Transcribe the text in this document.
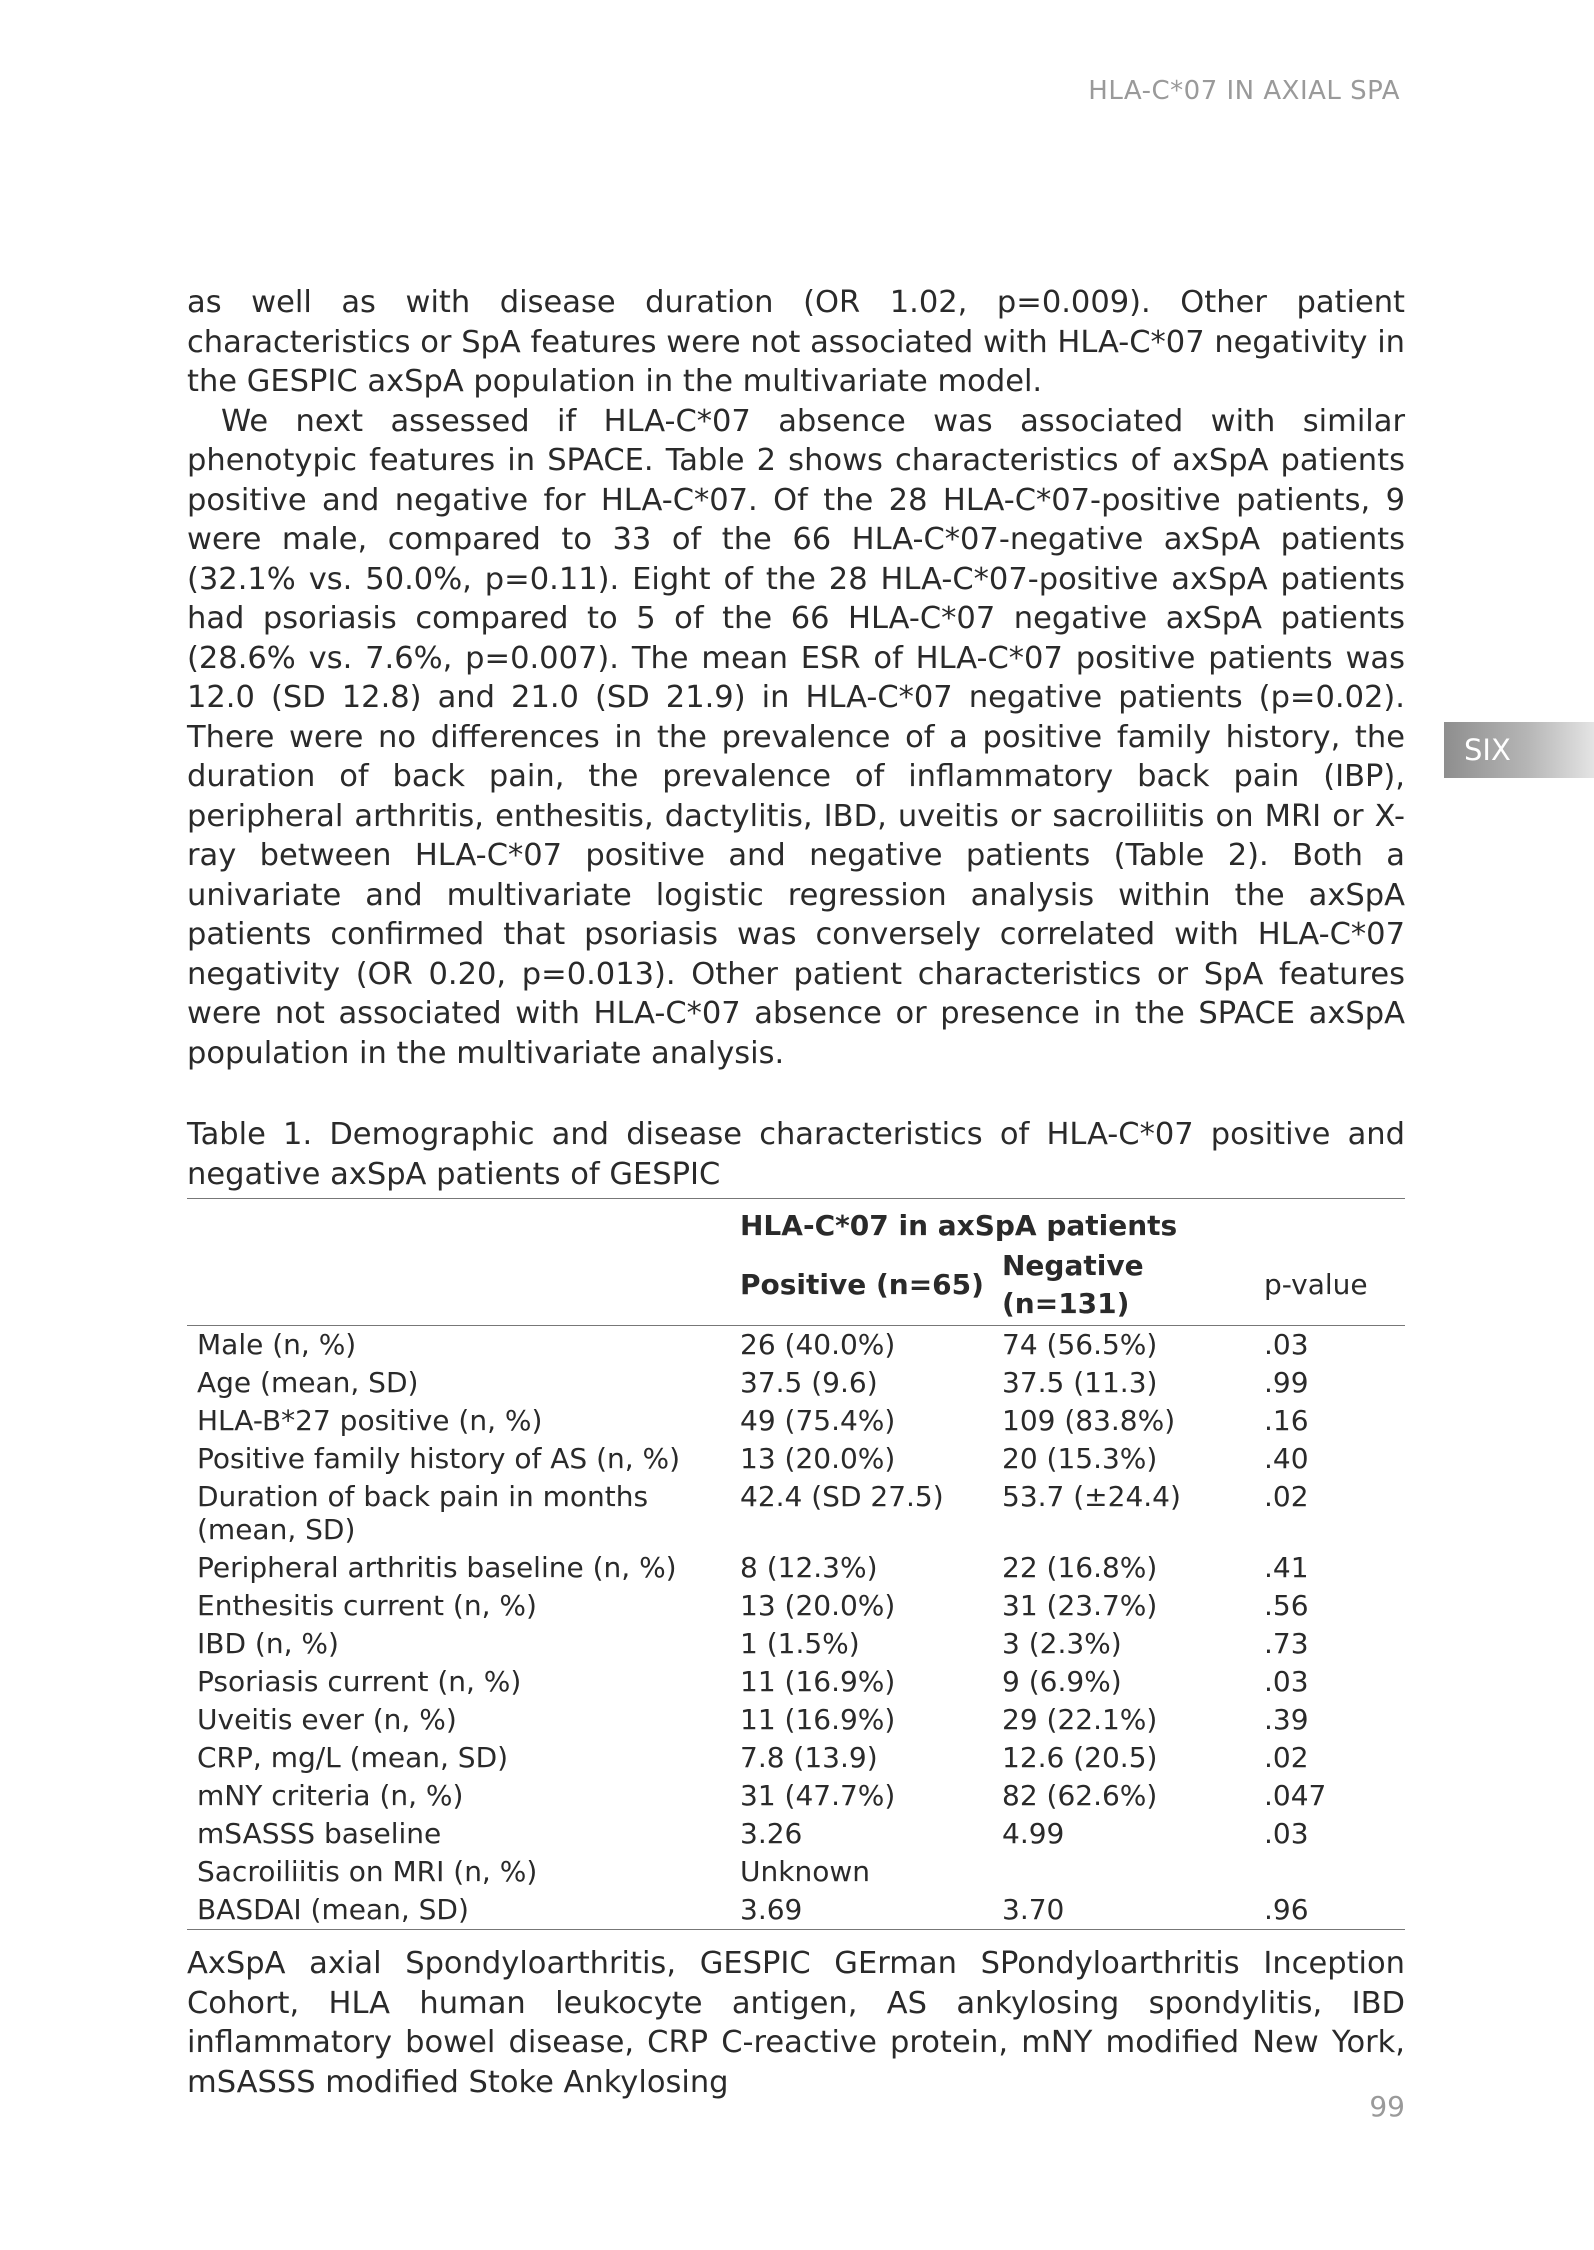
HLA-C*07 IN AXIAL SPA
SIX

as well as with disease duration (OR 1.02, p=0.009). Other patient characteristics or SpA features were not associated with HLA-C*07 negativity in the GESPIC axSpA population in the multivariate model.

We next assessed if HLA-C*07 absence was associated with similar phenotypic features in SPACE. Table 2 shows characteristics of axSpA patients positive and negative for HLA-C*07. Of the 28 HLA-C*07-positive patients, 9 were male, compared to 33 of the 66 HLA-C*07-negative axSpA patients (32.1% vs. 50.0%, p=0.11). Eight of the 28 HLA-C*07-positive axSpA patients had psoriasis compared to 5 of the 66 HLA-C*07 negative axSpA patients (28.6% vs. 7.6%, p=0.007). The mean ESR of HLA-C*07 positive patients was 12.0 (SD 12.8) and 21.0 (SD 21.9) in HLA-C*07 negative patients (p=0.02). There were no differences in the prevalence of a positive family history, the duration of back pain, the prevalence of inflammatory back pain (IBP), peripheral arthritis, enthesitis, dactylitis, IBD, uveitis or sacroiliitis on MRI or X-ray between HLA-C*07 positive and negative patients (Table 2). Both a univariate and multivariate logistic regression analysis within the axSpA patients confirmed that psoriasis was conversely correlated with HLA-C*07 negativity (OR 0.20, p=0.013). Other patient characteristics or SpA features were not associated with HLA-C*07 absence or presence in the SPACE axSpA population in the multivariate analysis.

Table 1. Demographic and disease characteristics of HLA-C*07 positive and negative axSpA patients of GESPIC

	HLA-C*07 in axSpA patients		
	Positive (n=65)	Negative (n=131)	p-value
Male (n, %)	26 (40.0%)	74 (56.5%)	.03
Age (mean, SD)	37.5 (9.6)	37.5 (11.3)	.99
HLA-B*27 positive (n, %)	49 (75.4%)	109 (83.8%)	.16
Positive family history of AS (n, %)	13 (20.0%)	20 (15.3%)	.40
Duration of back pain in months (mean, SD)	42.4 (SD 27.5)	53.7 (±24.4)	.02
Peripheral arthritis baseline (n, %)	8 (12.3%)	22 (16.8%)	.41
Enthesitis current (n, %)	13 (20.0%)	31 (23.7%)	.56
IBD (n, %)	1 (1.5%)	3 (2.3%)	.73
Psoriasis current (n, %)	11 (16.9%)	9 (6.9%)	.03
Uveitis ever (n, %)	11 (16.9%)	29 (22.1%)	.39
CRP, mg/L (mean, SD)	7.8 (13.9)	12.6 (20.5)	.02
mNY criteria (n, %)	31 (47.7%)	82 (62.6%)	.047
mSASSS baseline	3.26	4.99	.03
Sacroiliitis on MRI (n, %)	Unknown		
BASDAI (mean, SD)	3.69	3.70	.96

AxSpA axial Spondyloarthritis, GESPIC GErman SPondyloarthritis Inception Cohort, HLA human leukocyte antigen, AS ankylosing spondylitis, IBD inflammatory bowel disease, CRP C-reactive protein, mNY modified New York, mSASSS modified Stoke Ankylosing

99
